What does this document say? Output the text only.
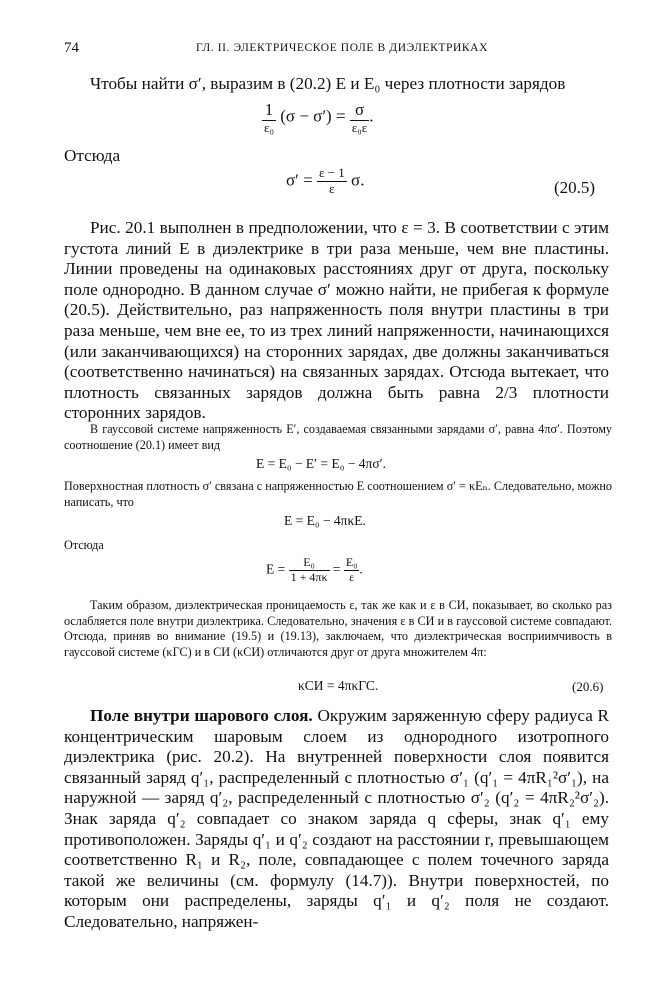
74	ГЛ. II. ЭЛЕКТРИЧЕСКОЕ ПОЛЕ В ДИЭЛЕКТРИКАХ
Чтобы найти σ′, выразим в (20.2) E и E₀ через плотности зарядов
$\frac{1}{\text{ε₀}} (\sigma - \sigma') = \frac{\sigma}{\text{ε₀ε}}$ .
Отсюда
$\sigma' = \frac{\varepsilon - 1}{\varepsilon} \sigma$.	(20.5)
Рис. 20.1 выполнен в предположении, что ε = 3. В соответствии с этим густота линий E в диэлектрике в три раза меньше, чем вне пластины. Линии проведены на одинаковых расстояниях друг от друга, поскольку поле однородно. В данном случае σ′ можно найти, не прибегая к формуле (20.5). Действительно, раз напряженность поля внутри пластины в три раза меньше, чем вне ее, то из трех линий напряженности, начинающихся (или заканчивающихся) на сторонних зарядах, две должны заканчиваться (соответственно начинаться) на связанных зарядах. Отсюда вытекает, что плотность связанных зарядов должна быть равна 2/3 плотности сторонних зарядов.
В гауссовой системе напряженность E′, создаваемая связанными зарядами σ′, равна 4πσ′. Поэтому соотношение (20.1) имеет вид
E = E₀ − E′ = E₀ − 4πσ′.
Поверхностная плотность σ′ связана с напряженностью E соотношением σ′ = κEₙ. Следовательно, можно написать, что
E = E₀ − 4πκE.
Отсюда
$E = \frac{\text{E₀}}{1 + 4\pi\kappa} = \frac{\text{E₀}}{\varepsilon}$ .
Таким образом, диэлектрическая проницаемость ε, так же как и ε в СИ, показывает, во сколько раз ослабляется поле внутри диэлектрика. Следовательно, значения ε в СИ и в гауссовой системе совпадают. Отсюда, приняв во внимание (19.5) и (19.13), заключаем, что диэлектрическая восприимчивость в гауссовой системе (κГС) и в СИ (κСИ) отличаются друг от друга множителем 4π:
κСИ = 4πκГС.	(20.6)
Поле внутри шарового слоя. Окружим заряженную сферу радиуса R концентрическим шаровым слоем из однородного изотропного диэлектрика (рис. 20.2). На внутренней поверхности слоя появится связанный заряд q′₁, распределенный с плотностью σ′₁ (q′₁ = 4πR₁²σ′₁), на наружной — заряд q′₂, распределенный с плотностью σ′₂ (q′₂ = 4πR₂²σ′₂). Знак заряда q′₂ совпадает со знаком заряда q сферы, знак q′₁ ему противоположен. Заряды q′₁ и q′₂ создают на расстоянии r, превышающем соответственно R₁ и R₂, поле, совпадающее с полем точечного заряда такой же величины (см. формулу (14.7)). Внутри поверхностей, по которым они распределены, заряды q′₁ и q′₂ поля не создают. Следовательно, напряжен-
